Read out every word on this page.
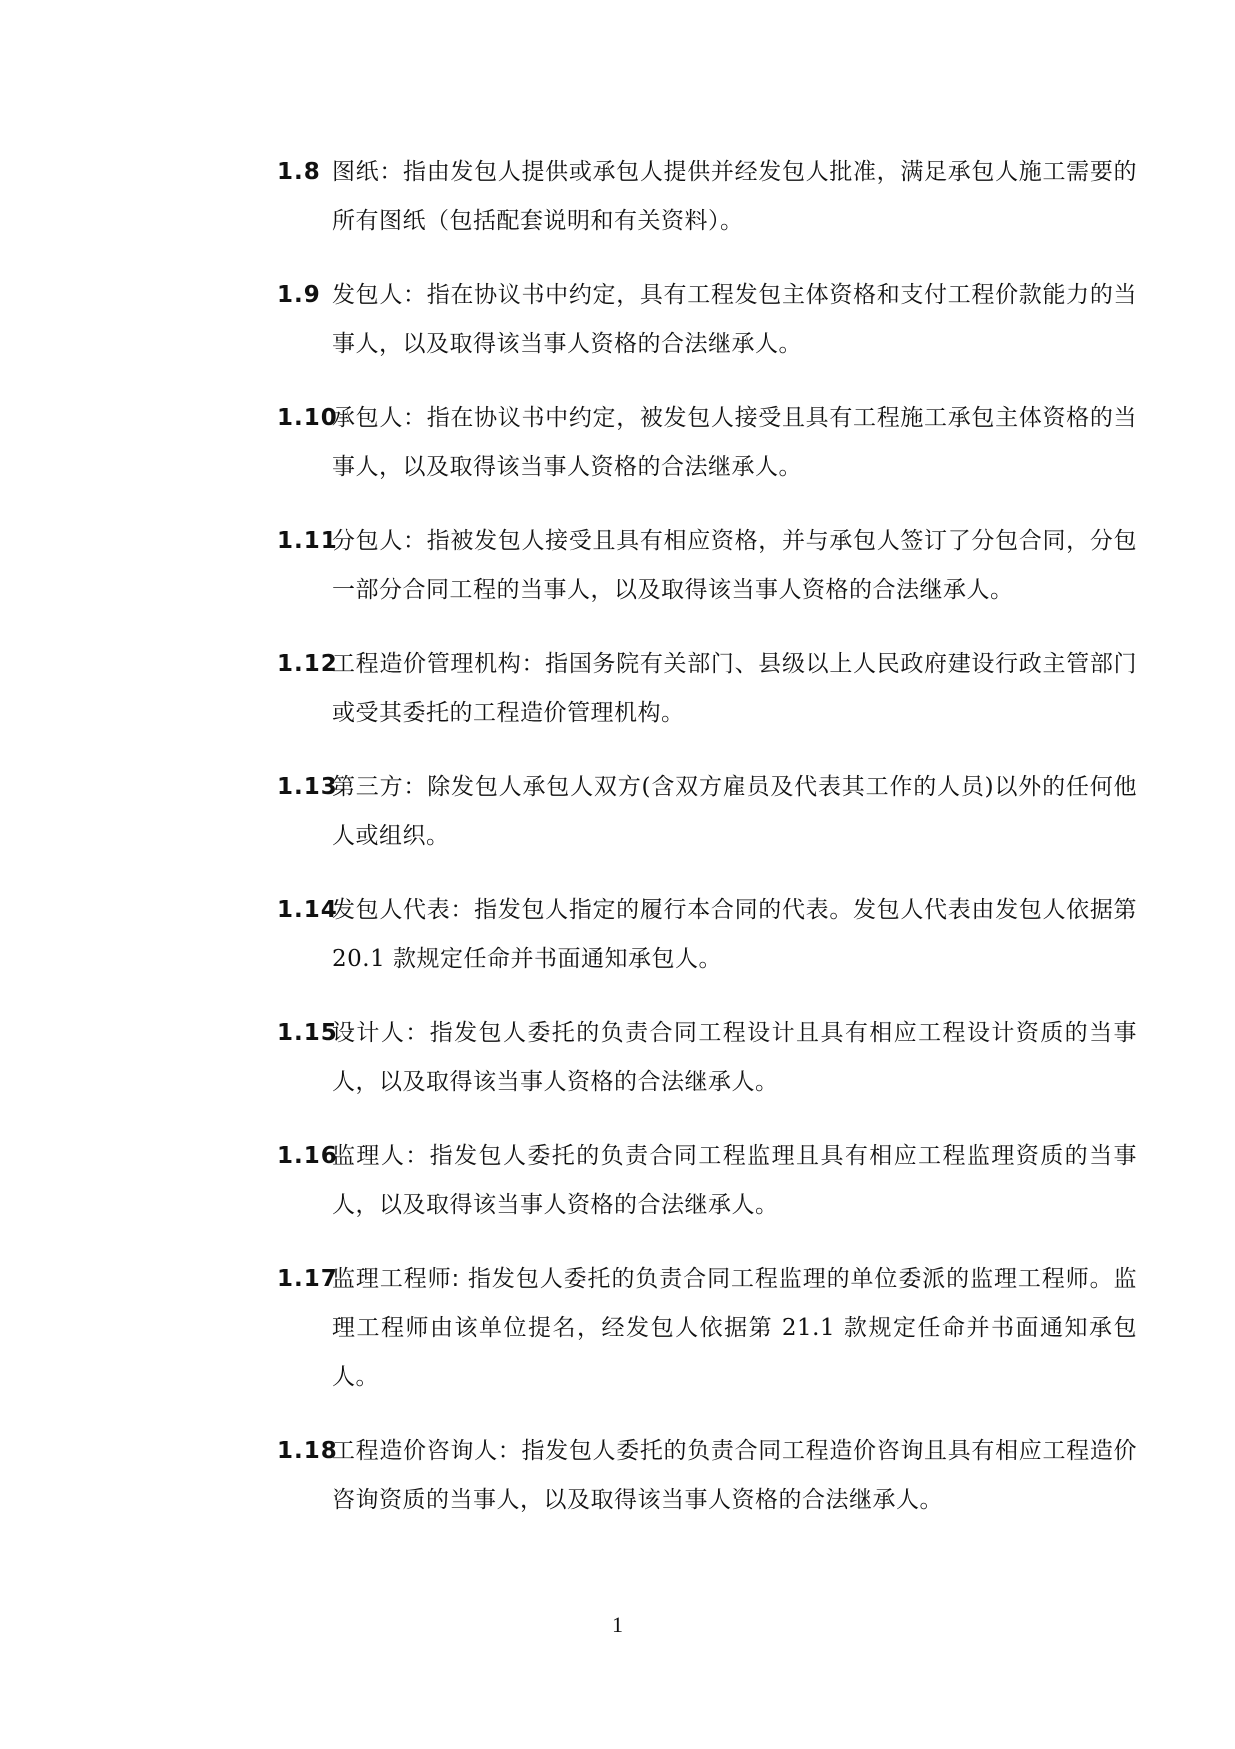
1.8 图纸：指由发包人提供或承包人提供并经发包人批准，满足承包人施工需要的所有图纸（包括配套说明和有关资料）。
1.9 发包人：指在协议书中约定，具有工程发包主体资格和支付工程价款能力的当事人，以及取得该当事人资格的合法继承人。
1.10
承包人：指在协议书中约定，被发包人接受且具有工程施工承包主体资格的当事人，以及取得该当事人资格的合法继承人。
1.11
分包人：指被发包人接受且具有相应资格，并与承包人签订了分包合同，分包一部分合同工程的当事人，以及取得该当事人资格的合法继承人。
1.12
工程造价管理机构：指国务院有关部门、县级以上人民政府建设行政主管部门或受其委托的工程造价管理机构。
1.13
第三方：除发包人承包人双方(含双方雇员及代表其工作的人员)以外的任何他人或组织。
1.14
发包人代表：指发包人指定的履行本合同的代表。发包人代表由发包人依据第 20.1 款规定任命并书面通知承包人。
1.15
设计人：指发包人委托的负责合同工程设计且具有相应工程设计资质的当事人，以及取得该当事人资格的合法继承人。
1.16
监理人：指发包人委托的负责合同工程监理且具有相应工程监理资质的当事人，以及取得该当事人资格的合法继承人。
1.17
监理工程师: 指发包人委托的负责合同工程监理的单位委派的监理工程师。监理工程师由该单位提名，经发包人依据第 21.1 款规定任命并书面通知承包人。
1.18
工程造价咨询人：指发包人委托的负责合同工程造价咨询且具有相应工程造价咨询资质的当事人，以及取得该当事人资格的合法继承人。
1
